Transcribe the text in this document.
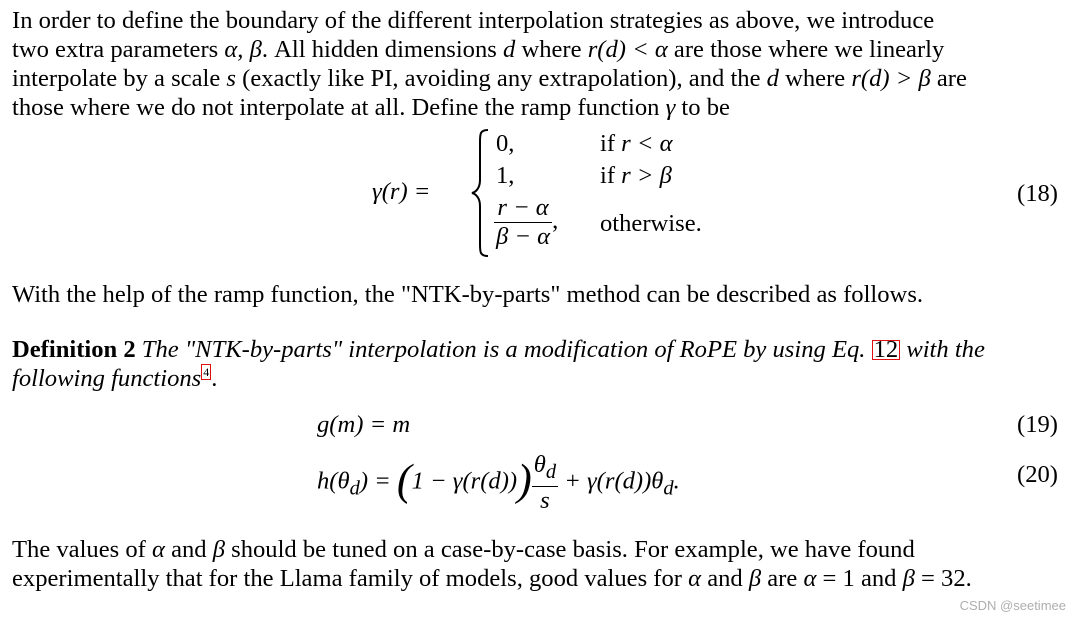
In order to define the boundary of the different interpolation strategies as above, we introduce
two extra parameters α, β. All hidden dimensions d where r(d) < α are those where we linearly
interpolate by a scale s (exactly like PI, avoiding any extrapolation), and the d where r(d) > β are
those where we do not interpolate at all. Define the ramp function γ to be

γ(r) =
0,	if r < α
1,	if r > β
$\frac{r - \alpha}{\beta - \alpha}$ , otherwise.
(18)

With the help of the ramp function, the "NTK-by-parts" method can be described as follows.

Definition 2 The "NTK-by-parts" interpolation is a modification of RoPE by using Eq. 12 with the
following functions 4.

g(m) = m	(19)
$h(\theta_d) = (1 - \gamma(r(d))) \frac{\theta_d}{s} + \gamma(r(d))\theta_d$.	(20)

The values of α and β should be tuned on a case-by-case basis. For example, we have found
experimentally that for the Llama family of models, good values for α and β are α = 1 and β = 32.

CSDN @seetimee
